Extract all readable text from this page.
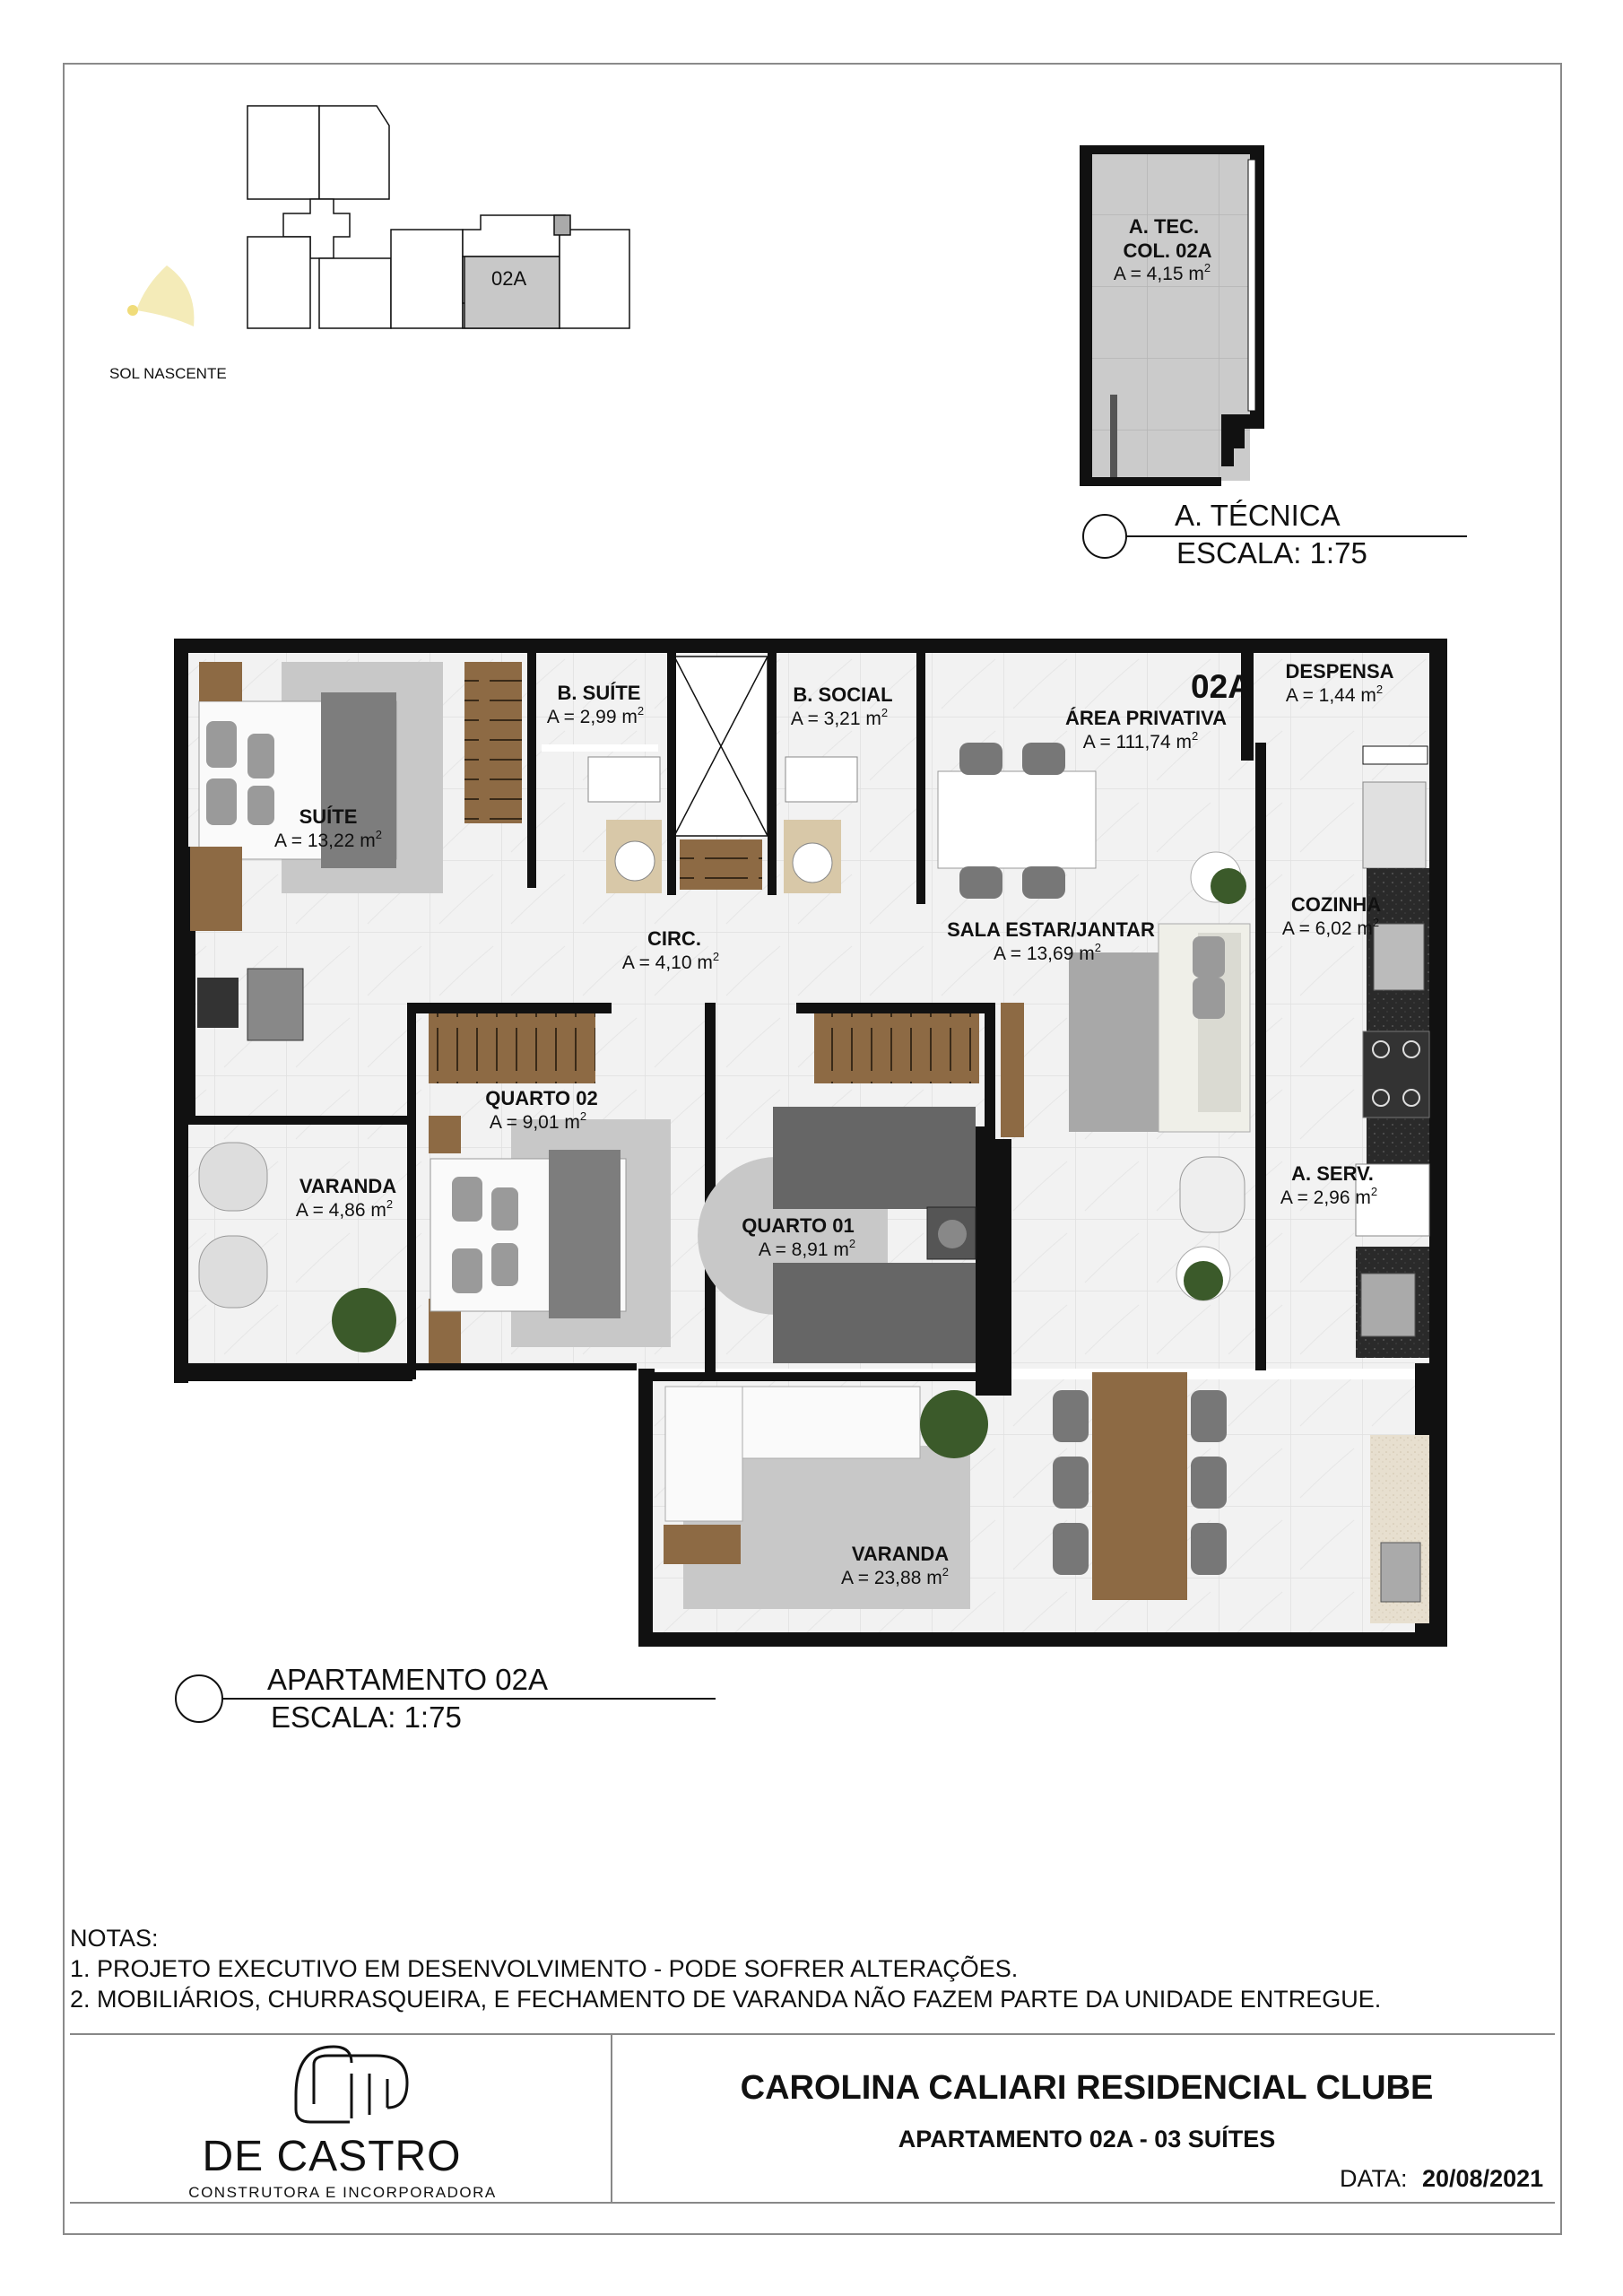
02A
SOL NASCENTE
A. TEC.
COL. 02A
A = 4,15 $m^2$
A. TÉCNICA
ESCALA: 1:75
02A
ÁREA PRIVATIVA
A = 111,74 $m^2$
SUÍTE
A = 13,22 $m^2$
B. SUÍTE
A = 2,99 $m^2$
B. SOCIAL
A = 3,21 $m^2$
DESPENSA
A = 1,44 $m^2$
CIRC.
A = 4,10 $m^2$
SALA ESTAR/JANTAR
A = 13,69 $m^2$
COZINHA
A = 6,02 $m^2$
QUARTO 02
A = 9,01 $m^2$
VARANDA
A = 4,86 $m^2$
QUARTO 01
A = 8,91 $m^2$
A. SERV.
A = 2,96 $m^2$
VARANDA
A = 23,88 $m^2$
APARTAMENTO 02A
ESCALA: 1:75
NOTAS:
1. PROJETO EXECUTIVO EM DESENVOLVIMENTO - PODE SOFRER ALTERAÇÕES.
2. MOBILIÁRIOS, CHURRASQUEIRA, E FECHAMENTO DE VARANDA NÃO FAZEM PARTE DA UNIDADE ENTREGUE.
DE CASTRO
CONSTRUTORA E INCORPORADORA
CAROLINA CALIARI RESIDENCIAL CLUBE
APARTAMENTO 02A - 03 SUÍTES
DATA: 20/08/2021
